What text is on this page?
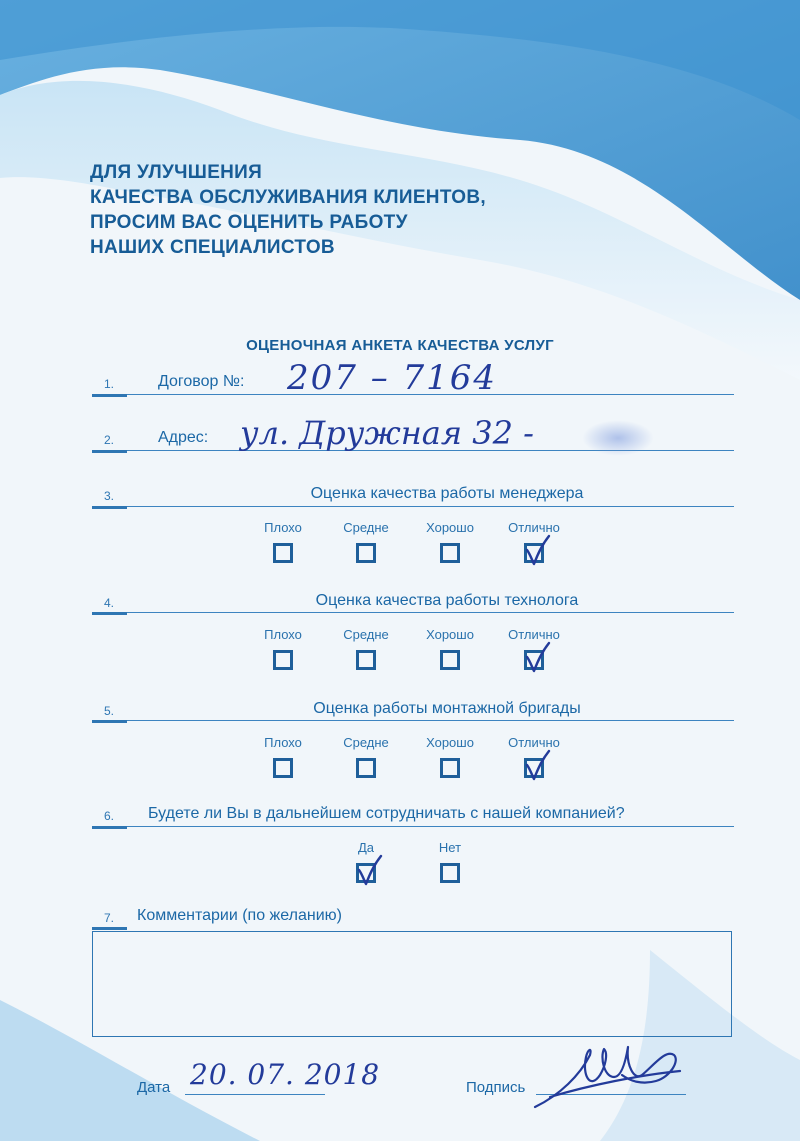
ДЛЯ УЛУЧШЕНИЯ
КАЧЕСТВА ОБСЛУЖИВАНИЯ КЛИЕНТОВ,
ПРОСИМ ВАС ОЦЕНИТЬ РАБОТУ
НАШИХ СПЕЦИАЛИСТОВ
ОЦЕНОЧНАЯ АНКЕТА КАЧЕСТВА УСЛУГ
1.	Договор №: 207 – 7164
2.	Адрес: ул. Дружная 32 -
3.	Оценка качества работы менеджера
Плохо	Средне	Хорошо	Отлично
4.	Оценка качества работы технолога
Плохо	Средне	Хорошо	Отлично
5.	Оценка работы монтажной бригады
Плохо	Средне	Хорошо	Отлично
6. Будете ли Вы в дальнейшем сотрудничать с нашей компанией?
Да	Нет
7. Комментарии (по желанию)
Дата 20. 07. 2018	Подпись
